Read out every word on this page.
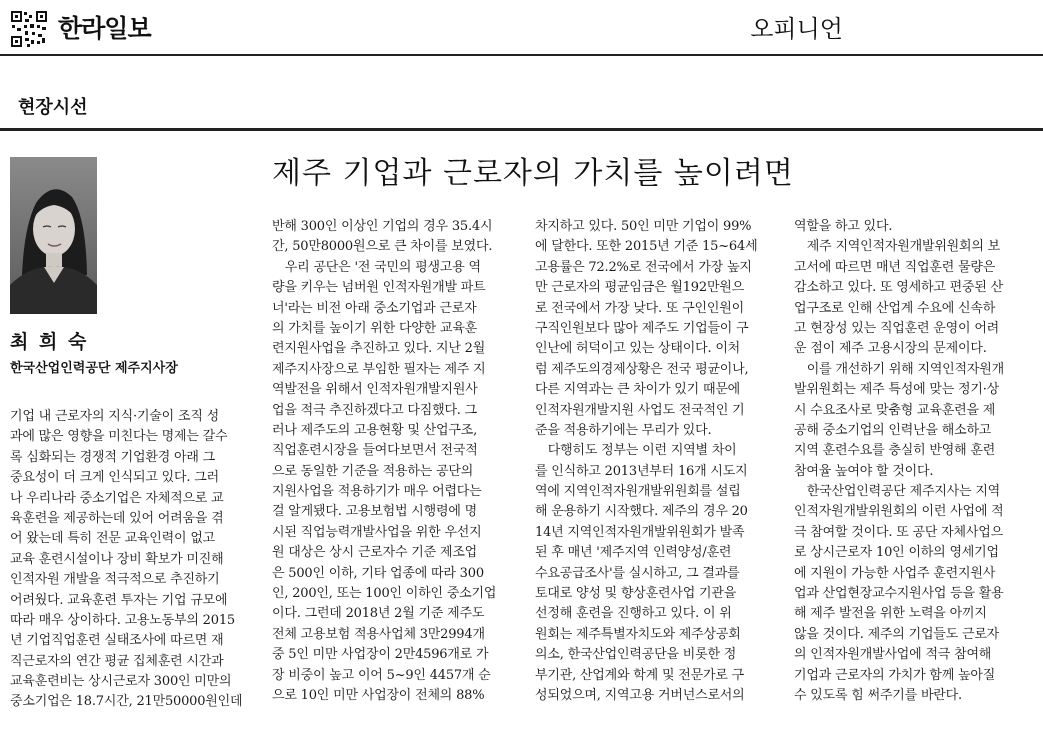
한라일보	오피니언
현장시선
최 희 숙
한국산업인력공단 제주지사장
제주 기업과 근로자의 가치를 높이려면
기업 내 근로자의 지식·기술이 조직 성
과에 많은 영향을 미친다는 명제는 갈수
록 심화되는 경쟁적 기업환경 아래 그
중요성이 더 크게 인식되고 있다. 그러
나 우리나라 중소기업은 자체적으로 교
육훈련을 제공하는데 있어 어려움을 겪
어 왔는데 특히 전문 교육인력이 없고
교육 훈련시설이나 장비 확보가 미진해
인적자원 개발을 적극적으로 추진하기
어려웠다. 교육훈련 투자는 기업 규모에
따라 매우 상이하다. 고용노동부의 2015
년 기업직업훈련 실태조사에 따르면 재
직근로자의 연간 평균 집체훈련 시간과
교육훈련비는 상시근로자 300인 미만의
중소기업은 18.7시간, 21만50000원인데
반해 300인 이상인 기업의 경우 35.4시
간, 50만8000원으로 큰 차이를 보였다.
　우리 공단은 '전 국민의 평생고용 역
량을 키우는 넘버원 인적자원개발 파트
너'라는 비전 아래 중소기업과 근로자
의 가치를 높이기 위한 다양한 교육훈
련지원사업을 추진하고 있다. 지난 2월
제주지사장으로 부임한 필자는 제주 지
역발전을 위해서 인적자원개발지원사
업을 적극 추진하겠다고 다짐했다. 그
러나 제주도의 고용현황 및 산업구조,
직업훈련시장을 들여다보면서 전국적
으로 동일한 기준을 적용하는 공단의
지원사업을 적용하기가 매우 어렵다는
걸 알게됐다. 고용보험법 시행령에 명
시된 직업능력개발사업을 위한 우선지
원 대상은 상시 근로자수 기준 제조업
은 500인 이하, 기타 업종에 따라 300
인, 200인, 또는 100인 이하인 중소기업
이다. 그런데 2018년 2월 기준 제주도
전체 고용보험 적용사업체 3만2994개
중 5인 미만 사업장이 2만4596개로 가
장 비중이 높고 이어 5~9인 4457개 순
으로 10인 미만 사업장이 전체의 88%
차지하고 있다. 50인 미만 기업이 99%
에 달한다. 또한 2015년 기준 15~64세
고용률은 72.2%로 전국에서 가장 높지
만 근로자의 평균임금은 월192만원으
로 전국에서 가장 낮다. 또 구인인원이
구직인원보다 많아 제주도 기업들이 구
인난에 허덕이고 있는 상태이다. 이처
럼 제주도의경제상황은 전국 평균이나,
다른 지역과는 큰 차이가 있기 때문에
인적자원개발지원 사업도 전국적인 기
준을 적용하기에는 무리가 있다.
　다행히도 정부는 이런 지역별 차이
를 인식하고 2013년부터 16개 시도지
역에 지역인적자원개발위원회를 설립
해 운용하기 시작했다. 제주의 경우 20
14년 지역인적자원개발위원회가 발족
된 후 매년 '제주지역 인력양성/훈련
수요공급조사'를 실시하고, 그 결과를
토대로 양성 및 향상훈련사업 기관을
선정해 훈련을 진행하고 있다. 이 위
원회는 제주특별자치도와 제주상공회
의소, 한국산업인력공단을 비롯한 정
부기관, 산업계와 학계 및 전문가로 구
성되었으며, 지역고용 거버넌스로서의
역할을 하고 있다.
　제주 지역인적자원개발위원회의 보
고서에 따르면 매년 직업훈련 물량은
감소하고 있다. 또 영세하고 편중된 산
업구조로 인해 산업계 수요에 신속하
고 현장성 있는 직업훈련 운영이 어려
운 점이 제주 고용시장의 문제이다.
　이를 개선하기 위해 지역인적자원개
발위원회는 제주 특성에 맞는 정기·상
시 수요조사로 맞춤형 교육훈련을 제
공해 중소기업의 인력난을 해소하고
지역 훈련수요를 충실히 반영해 훈련
참여율 높여야 할 것이다.
　한국산업인력공단 제주지사는 지역
인적자원개발위원회의 이런 사업에 적
극 참여할 것이다. 또 공단 자체사업으
로 상시근로자 10인 이하의 영세기업
에 지원이 가능한 사업주 훈련지원사
업과 산업현장교수지원사업 등을 활용
해 제주 발전을 위한 노력을 아끼지
않을 것이다. 제주의 기업들도 근로자
의 인적자원개발사업에 적극 참여해
기업과 근로자의 가치가 함께 높아질
수 있도록 힘 써주기를 바란다.
